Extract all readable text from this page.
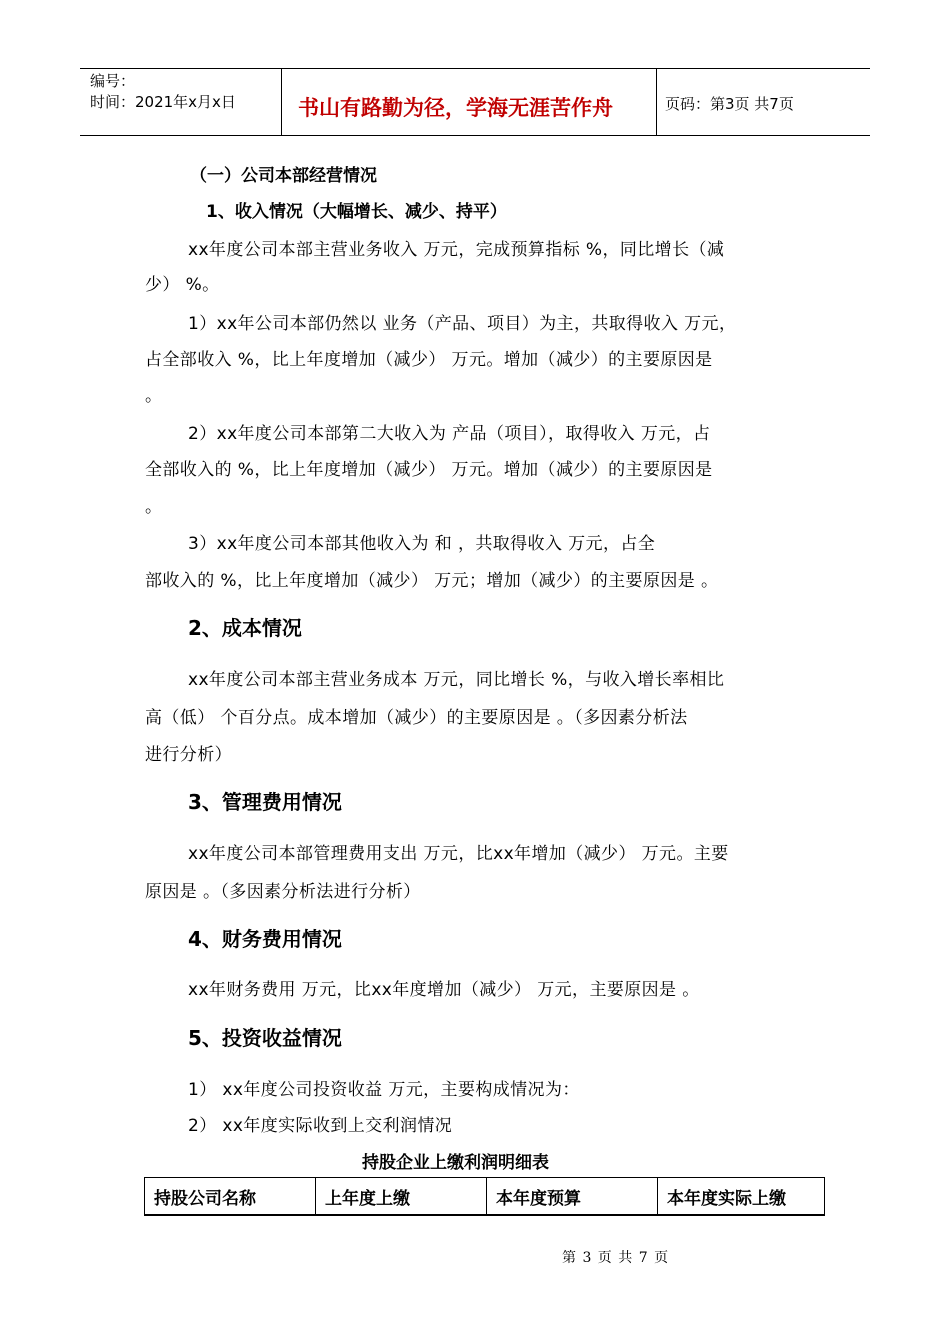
编号：
时间：2021年x月x日	书山有路勤为径，学海无涯苦作舟	页码：第3页 共7页
（一）公司本部经营情况
1、收入情况（大幅增长、减少、持平）
xx年度公司本部主营业务收入 万元，完成预算指标 %，同比增长（减
少） %。
1）xx年公司本部仍然以 业务（产品、项目）为主，共取得收入 万元，
占全部收入 %，比上年度增加（减少） 万元。增加（减少）的主要原因是
。
2）xx年度公司本部第二大收入为 产品（项目），取得收入 万元，占
全部收入的 %，比上年度增加（减少） 万元。增加（减少）的主要原因是
。
3）xx年度公司本部其他收入为 和 ，共取得收入 万元，占全
部收入的 %，比上年度增加（减少） 万元；增加（减少）的主要原因是 。
2、成本情况
xx年度公司本部主营业务成本 万元，同比增长 %，与收入增长率相比
高（低） 个百分点。成本增加（减少）的主要原因是 。（多因素分析法
进行分析）
3、管理费用情况
xx年度公司本部管理费用支出 万元，比xx年增加（减少） 万元。主要
原因是 。（多因素分析法进行分析）
4、财务费用情况
xx年财务费用 万元，比xx年度增加（减少） 万元，主要原因是 。
5、投资收益情况
1） xx年度公司投资收益 万元，主要构成情况为：
2） xx年度实际收到上交利润情况
持股企业上缴利润明细表
持股公司名称	上年度上缴	本年度预算	本年度实际上缴
第 3 页 共 7 页
